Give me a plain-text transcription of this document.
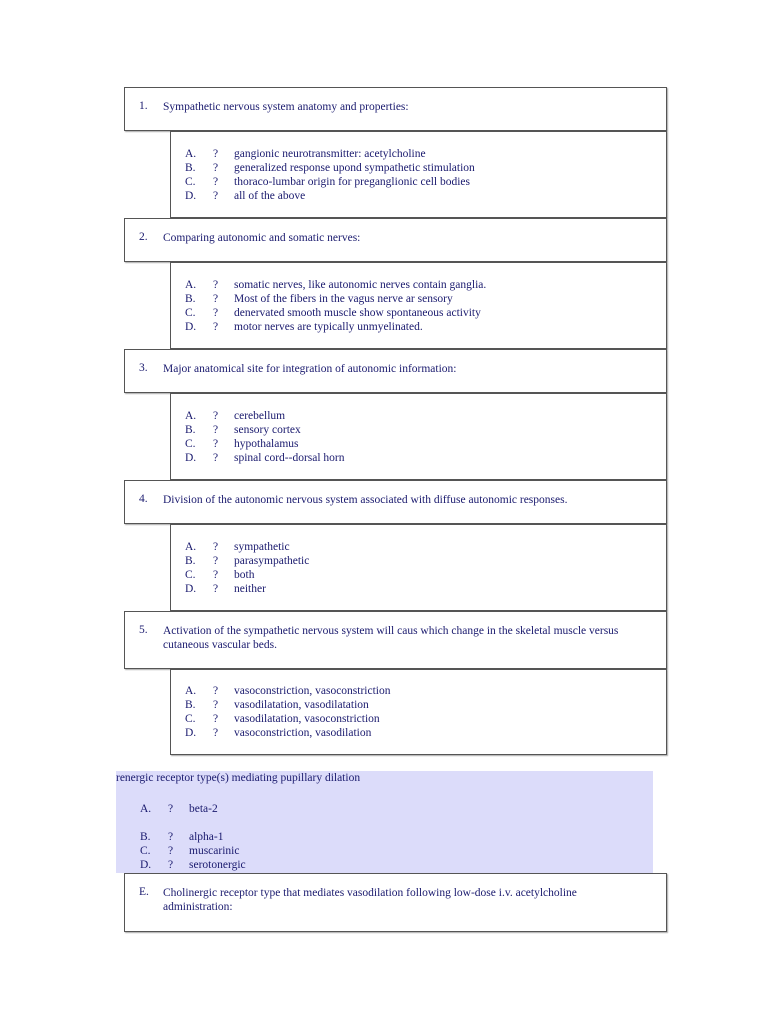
1. Sympathetic nervous system anatomy and properties:
A. ? gangionic neurotransmitter: acetylcholine
B. ? generalized response upond sympathetic stimulation
C. ? thoraco-lumbar origin for preganglionic cell bodies
D. ? all of the above
2. Comparing autonomic and somatic nerves:
A. ? somatic nerves, like autonomic nerves contain ganglia.
B. ? Most of the fibers in the vagus nerve ar sensory
C. ? denervated smooth muscle show spontaneous activity
D. ? motor nerves are typically unmyelinated.
3. Major anatomical site for integration of autonomic information:
A. ? cerebellum
B. ? sensory cortex
C. ? hypothalamus
D. ? spinal cord--dorsal horn
4. Division of the autonomic nervous system associated with diffuse autonomic responses.
A. ? sympathetic
B. ? parasympathetic
C. ? both
D. ? neither
5. Activation of the sympathetic nervous system will caus which change in the skeletal muscle versus cutaneous vascular beds.
A. ? vasoconstriction, vasoconstriction
B. ? vasodilatation, vasodilatation
C. ? vasodilatation, vasoconstriction
D. ? vasoconstriction, vasodilation
renergic receptor type(s) mediating pupillary dilation
A. ? beta-2
B. ? alpha-1
C. ? muscarinic
D. ? serotonergic
E. Cholinergic receptor type that mediates vasodilation following low-dose i.v. acetylcholine administration:
